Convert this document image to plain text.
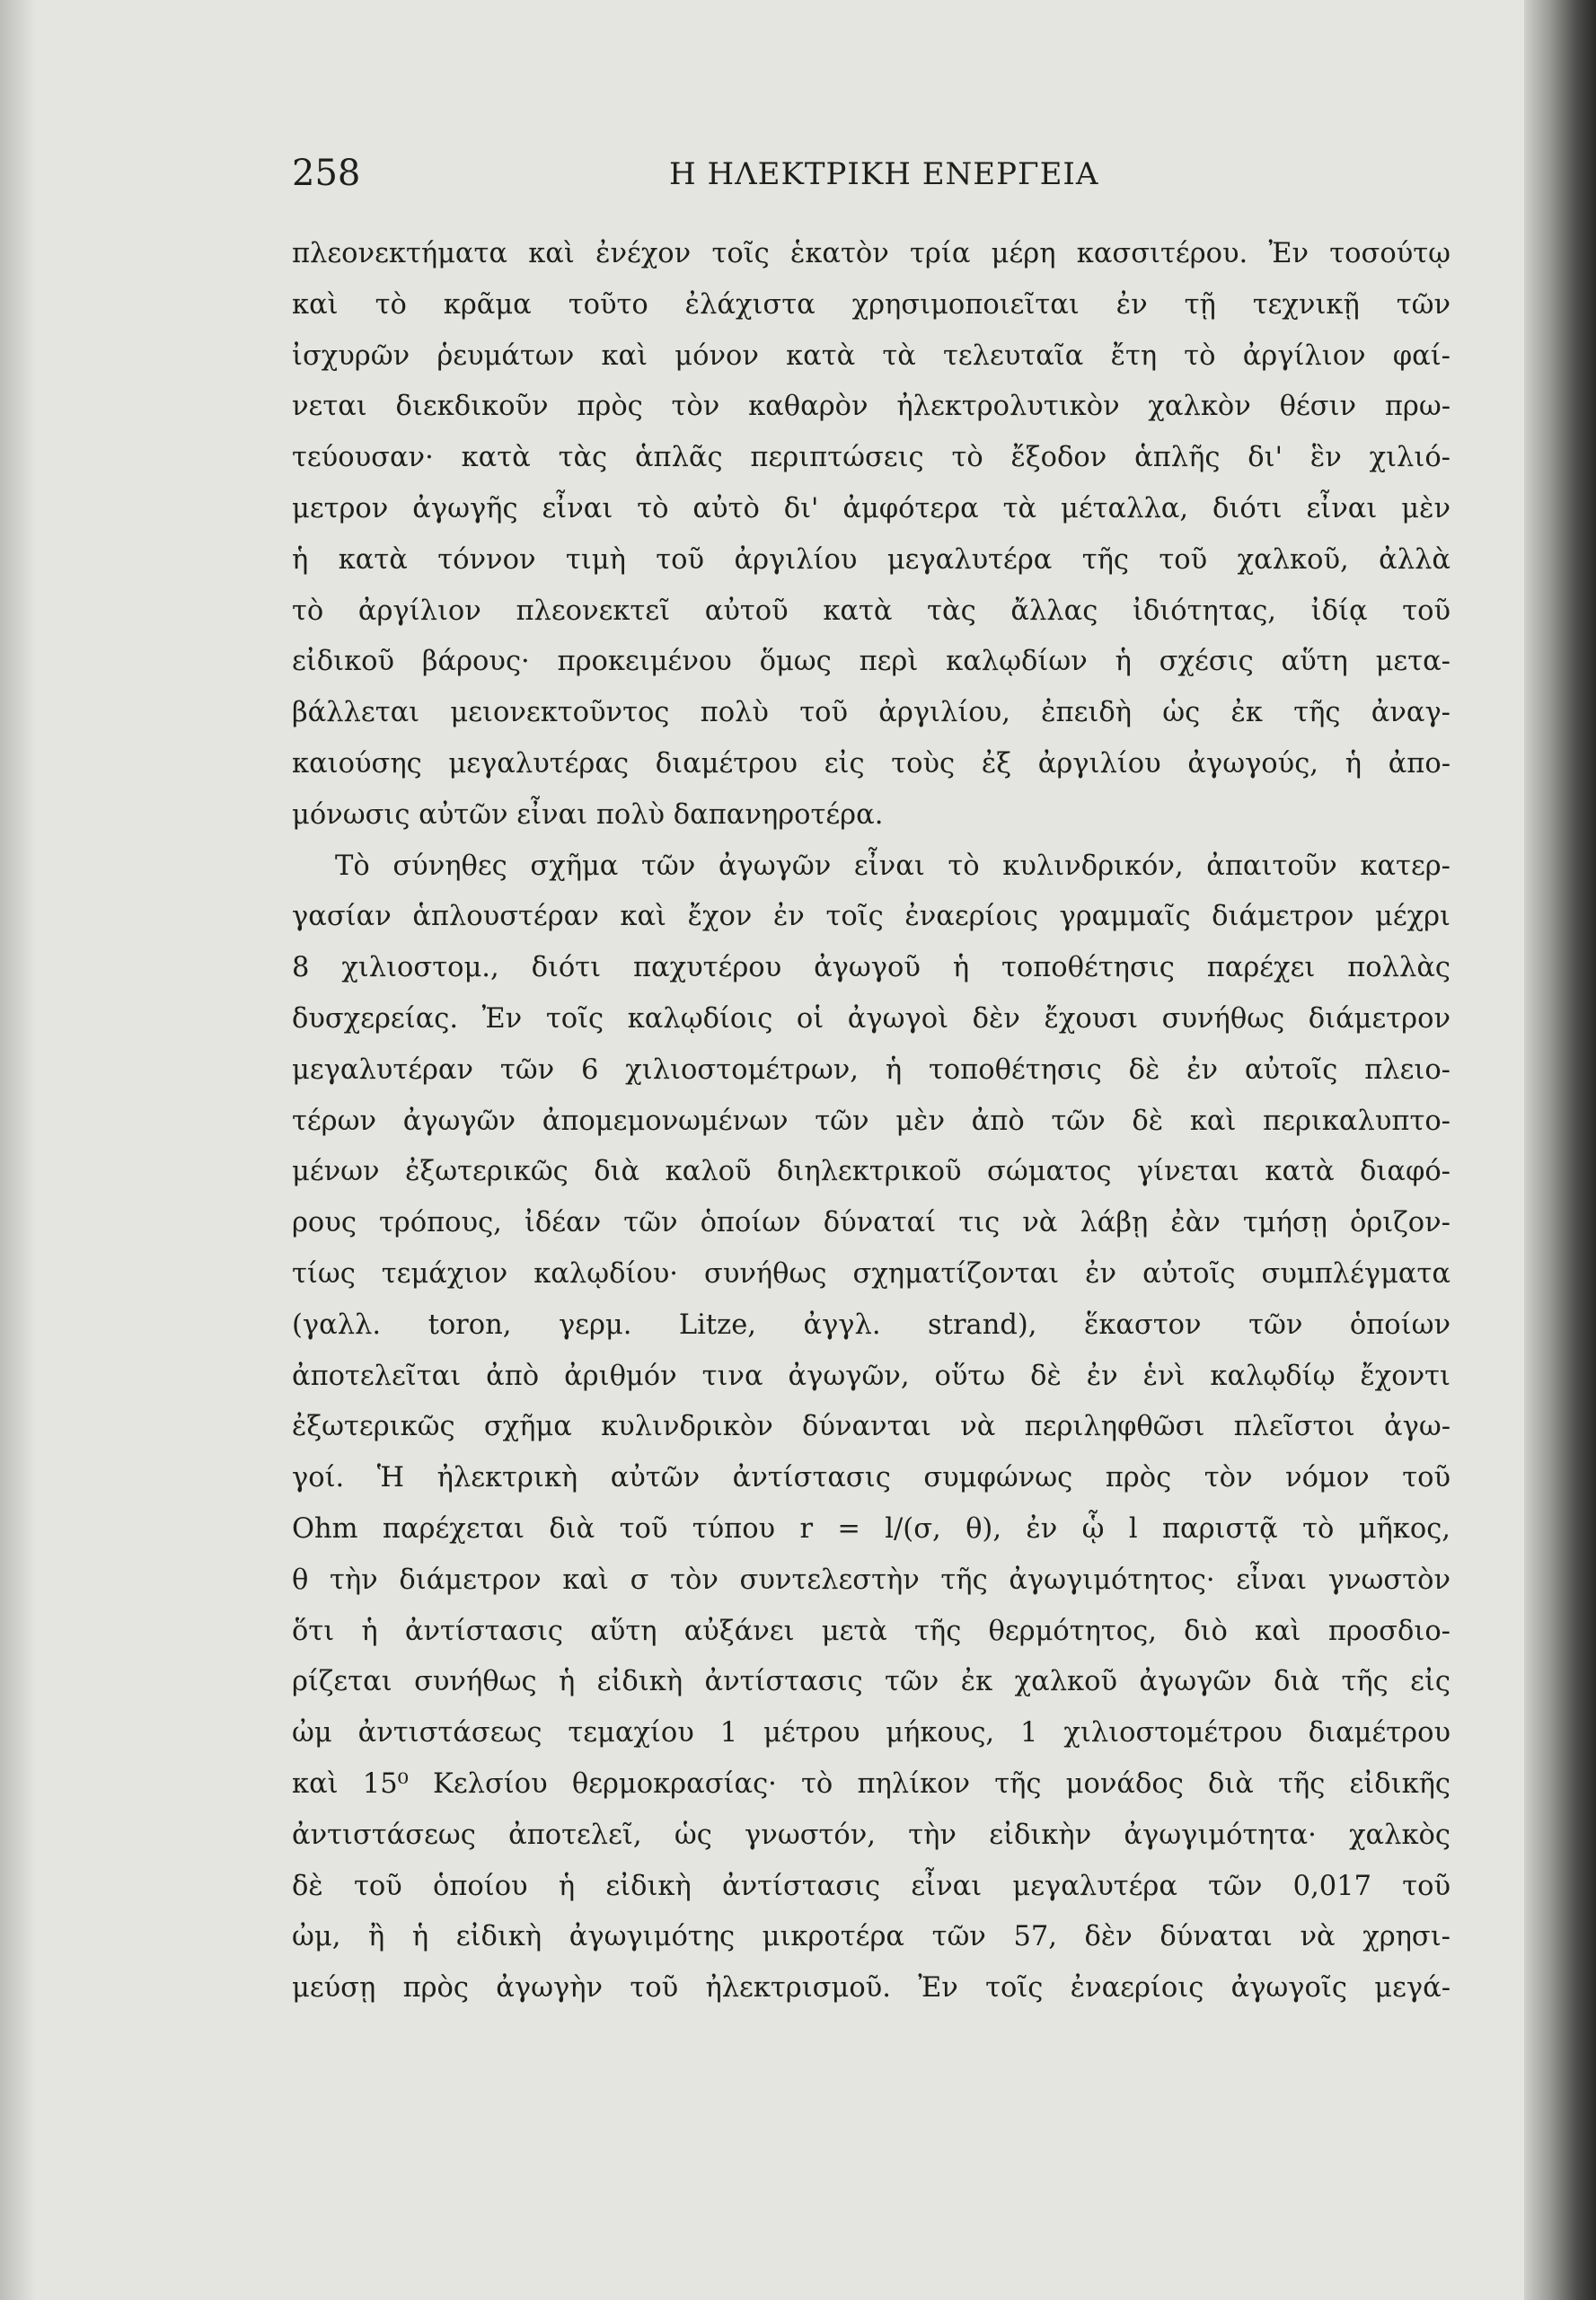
258	Η ΗΛΕΚΤΡΙΚΗ ΕΝΕΡΓΕΙΑ
πλεονεκτήματα καὶ ἐνέχον τοῖς ἑκατὸν τρία μέρη κασσιτέρου. Ἐν τοσούτῳ
καὶ τὸ κρᾶμα τοῦτο ἐλάχιστα χρησιμοποιεῖται ἐν τῇ τεχνικῇ τῶν
ἰσχυρῶν ῥευμάτων καὶ μόνον κατὰ τὰ τελευταῖα ἔτη τὸ ἀργίλιον φαί-
νεται διεκδικοῦν πρὸς τὸν καθαρὸν ἠλεκτρολυτικὸν χαλκὸν θέσιν πρω-
τεύουσαν· κατὰ τὰς ἁπλᾶς περιπτώσεις τὸ ἔξοδον ἁπλῆς δι' ἓν χιλιό-
μετρον ἀγωγῆς εἶναι τὸ αὐτὸ δι' ἀμφότερα τὰ μέταλλα, διότι εἶναι μὲν
ἡ κατὰ τόννον τιμὴ τοῦ ἀργιλίου μεγαλυτέρα τῆς τοῦ χαλκοῦ, ἀλλὰ
τὸ ἀργίλιον πλεονεκτεῖ αὐτοῦ κατὰ τὰς ἄλλας ἰδιότητας, ἰδίᾳ τοῦ
εἰδικοῦ βάρους· προκειμένου ὅμως περὶ καλῳδίων ἡ σχέσις αὕτη μετα-
βάλλεται μειονεκτοῦντος πολὺ τοῦ ἀργιλίου, ἐπειδὴ ὡς ἐκ τῆς ἀναγ-
καιούσης μεγαλυτέρας διαμέτρου εἰς τοὺς ἐξ ἀργιλίου ἀγωγούς, ἡ ἀπο-
μόνωσις αὐτῶν εἶναι πολὺ δαπανηροτέρα.
Τὸ σύνηθες σχῆμα τῶν ἀγωγῶν εἶναι τὸ κυλινδρικόν, ἀπαιτοῦν κατερ-
γασίαν ἁπλουστέραν καὶ ἔχον ἐν τοῖς ἐναερίοις γραμμαῖς διάμετρον μέχρι
8 χιλιοστομ., διότι παχυτέρου ἀγωγοῦ ἡ τοποθέτησις παρέχει πολλὰς
δυσχερείας. Ἐν τοῖς καλῳδίοις οἱ ἀγωγοὶ δὲν ἔχουσι συνήθως διάμετρον
μεγαλυτέραν τῶν 6 χιλιοστομέτρων, ἡ τοποθέτησις δὲ ἐν αὐτοῖς πλειο-
τέρων ἀγωγῶν ἀπομεμονωμένων τῶν μὲν ἀπὸ τῶν δὲ καὶ περικαλυπτο-
μένων ἐξωτερικῶς διὰ καλοῦ διηλεκτρικοῦ σώματος γίνεται κατὰ διαφό-
ρους τρόπους, ἰδέαν τῶν ὁποίων δύναταί τις νὰ λάβῃ ἐὰν τμήσῃ ὁριζον-
τίως τεμάχιον καλῳδίου· συνήθως σχηματίζονται ἐν αὐτοῖς συμπλέγματα
(γαλλ. toron, γερμ. Litze, ἀγγλ. strand), ἕκαστον τῶν ὁποίων
ἀποτελεῖται ἀπὸ ἀριθμόν τινα ἀγωγῶν, οὕτω δὲ ἐν ἑνὶ καλῳδίῳ ἔχοντι
ἐξωτερικῶς σχῆμα κυλινδρικὸν δύνανται νὰ περιληφθῶσι πλεῖστοι ἀγω-
γοί. Ἡ ἠλεκτρικὴ αὐτῶν ἀντίστασις συμφώνως πρὸς τὸν νόμον τοῦ
Ohm παρέχεται διὰ τοῦ τύπου r = l/(σ, θ), ἐν ᾧ l παριστᾷ τὸ μῆκος,
θ τὴν διάμετρον καὶ σ τὸν συντελεστὴν τῆς ἀγωγιμότητος· εἶναι γνωστὸν
ὅτι ἡ ἀντίστασις αὕτη αὐξάνει μετὰ τῆς θερμότητος, διὸ καὶ προσδιο-
ρίζεται συνήθως ἡ εἰδικὴ ἀντίστασις τῶν ἐκ χαλκοῦ ἀγωγῶν διὰ τῆς εἰς
ὠμ ἀντιστάσεως τεμαχίου 1 μέτρου μήκους, 1 χιλιοστομέτρου διαμέτρου
καὶ 15⁰ Κελσίου θερμοκρασίας· τὸ πηλίκον τῆς μονάδος διὰ τῆς εἰδικῆς
ἀντιστάσεως ἀποτελεῖ, ὡς γνωστόν, τὴν εἰδικὴν ἀγωγιμότητα· χαλκὸς
δὲ τοῦ ὁποίου ἡ εἰδικὴ ἀντίστασις εἶναι μεγαλυτέρα τῶν 0,017 τοῦ
ὠμ, ἢ ἡ εἰδικὴ ἀγωγιμότης μικροτέρα τῶν 57, δὲν δύναται νὰ χρησι-
μεύσῃ πρὸς ἀγωγὴν τοῦ ἠλεκτρισμοῦ. Ἐν τοῖς ἐναερίοις ἀγωγοῖς μεγά-
